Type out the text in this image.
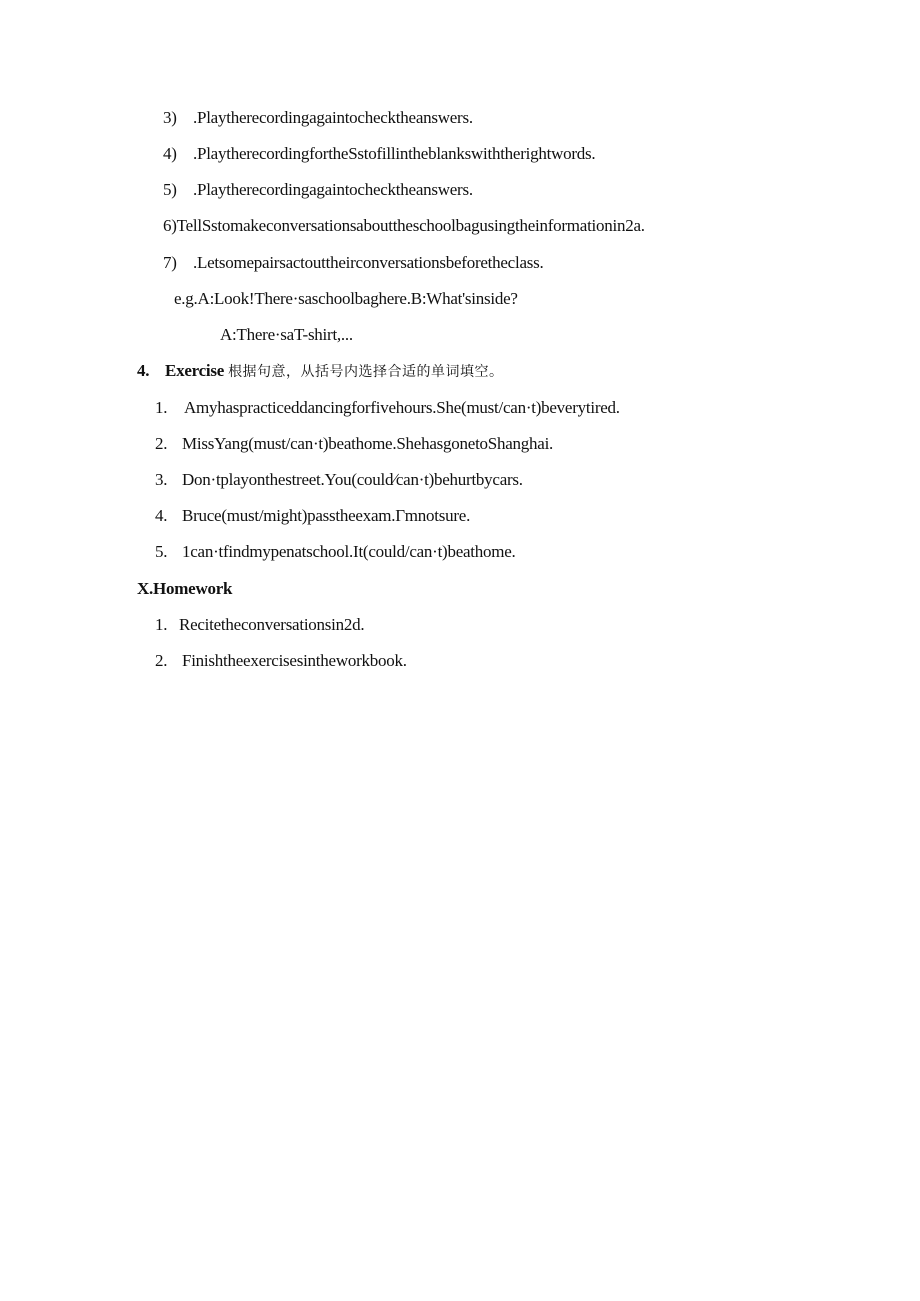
3) .Playtherecordingagaintochecktheanswers.
4) .PlaytherecordingfortheSstofillintheblankswiththerightwords.
5) .Playtherecordingagaintochecktheanswers.
6)TellSstomakeconversationsabouttheschoolbagusingtheinformationin2a.
7) .Letsomepairsactouttheirconversationsbeforetheclass.
e.g.A:Look!There·saschoolbaghere.B:What'sinside?
A:There·saT-shirt,...
4. Exercise 根据句意，从括号内选择合适的单词填空。
1. Amyhaspracticeddancingforfivehours.She(must/can·t)beverytired.
2. MissYang(must/can·t)beathome.ShehasgonetoShanghai.
3. Don·tplayonthestreet.You(could∕can·t)behurtbycars.
4. Bruce(must/might)passtheexam.Γmnotsure.
5. 1can·tfindmypenatschool.It(could/can·t)beathome.
X.Homework
1. Recitetheconversationsin2d.
2. Finishtheexercisesintheworkbook.
